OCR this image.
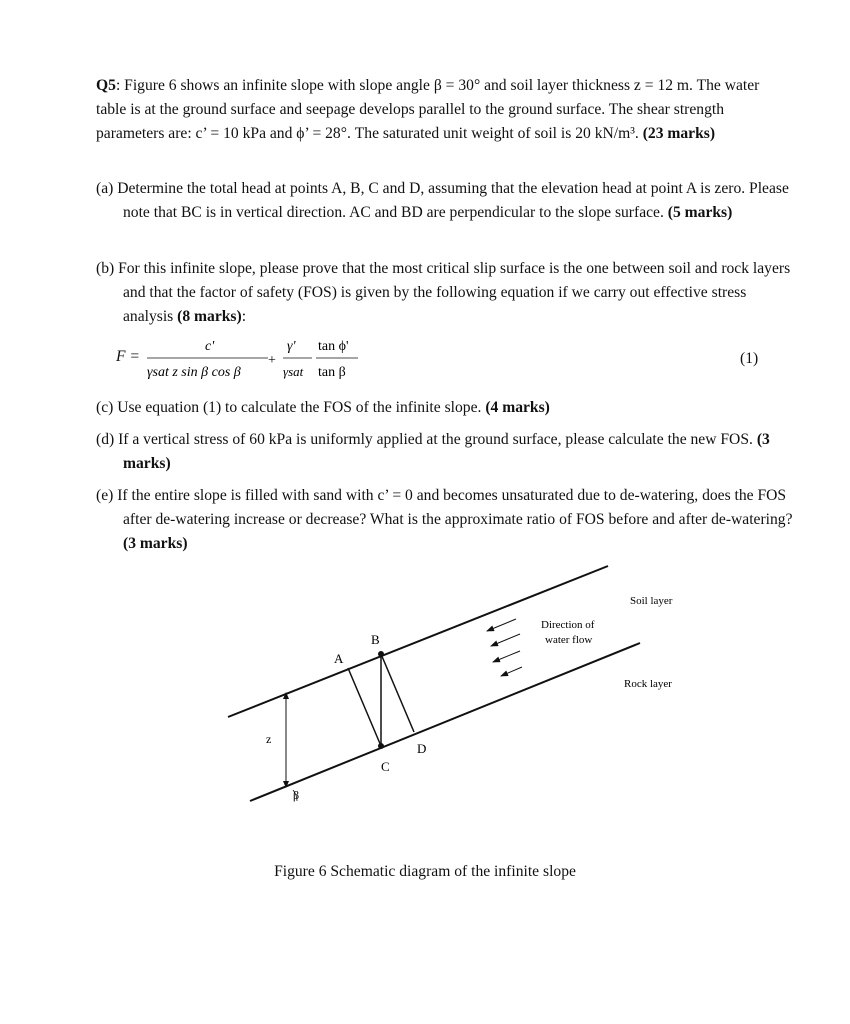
Q5: Figure 6 shows an infinite slope with slope angle β = 30° and soil layer thickness z = 12 m. The water table is at the ground surface and seepage develops parallel to the ground surface. The shear strength parameters are: c’ = 10 kPa and ϕ’ = 28°. The saturated unit weight of soil is 20 kN/m³. (23 marks)
(a) Determine the total head at points A, B, C and D, assuming that the elevation head at point A is zero. Please note that BC is in vertical direction. AC and BD are perpendicular to the slope surface. (5 marks)
(b) For this infinite slope, please prove that the most critical slip surface is the one between soil and rock layers and that the factor of safety (FOS) is given by the following equation if we carry out effective stress analysis (8 marks):
F =
c'
γsat z sin β cos β
+
γ'
γsat
tan ϕ'
tan β
(1)
(c) Use equation (1) to calculate the FOS of the infinite slope. (4 marks)
(d) If a vertical stress of 60 kPa is uniformly applied at the ground surface, please calculate the new FOS. (3 marks)
(e) If the entire slope is filled with sand with c’ = 0 and becomes unsaturated due to de-watering, does the FOS after de-watering increase or decrease? What is the approximate ratio of FOS before and after de-watering? (3 marks)
z
β
A
B
C
D
Direction of
water flow
Soil layer
Rock layer
Figure 6 Schematic diagram of the infinite slope
